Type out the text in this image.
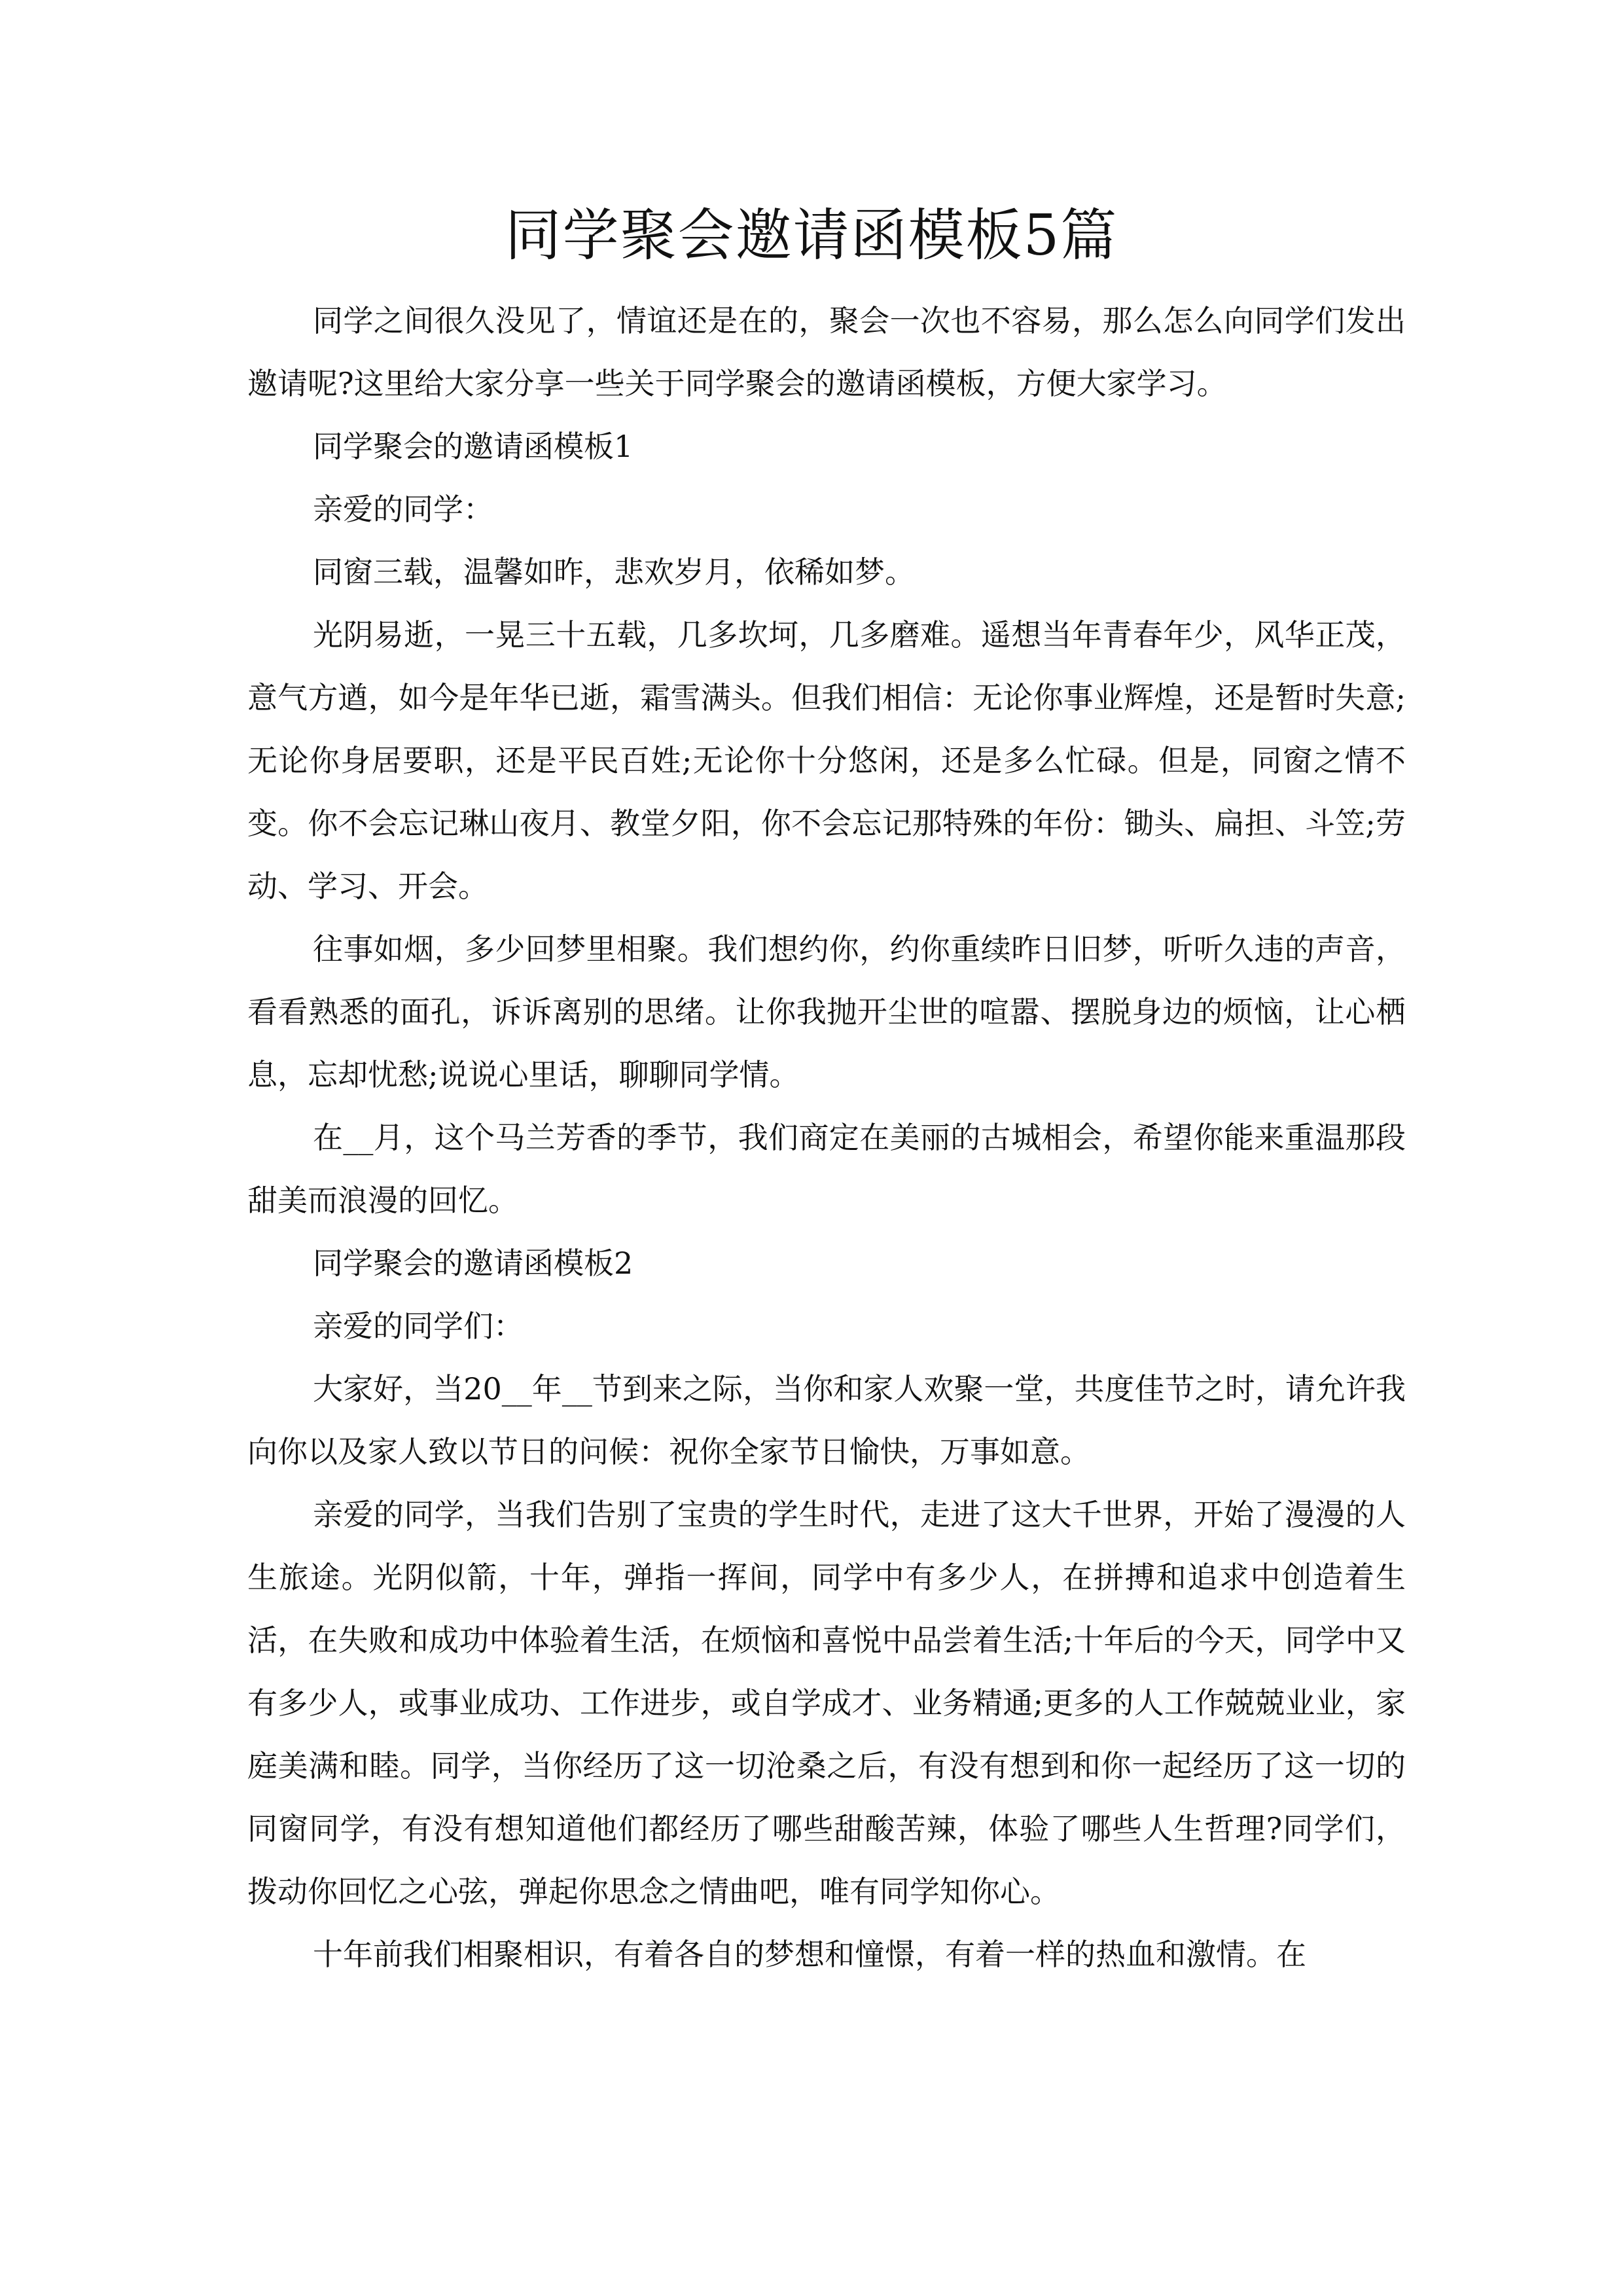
同学聚会邀请函模板5篇

同学之间很久没见了，情谊还是在的，聚会一次也不容易，那么怎么向同学们发出邀请呢?这里给大家分享一些关于同学聚会的邀请函模板，方便大家学习。

同学聚会的邀请函模板1

亲爱的同学：

同窗三载，温馨如昨，悲欢岁月，依稀如梦。

光阴易逝，一晃三十五载，几多坎坷，几多磨难。遥想当年青春年少，风华正茂，意气方遒，如今是年华已逝，霜雪满头。但我们相信：无论你事业辉煌，还是暂时失意;无论你身居要职，还是平民百姓;无论你十分悠闲，还是多么忙碌。但是，同窗之情不变。你不会忘记琳山夜月、教堂夕阳，你不会忘记那特殊的年份：锄头、扁担、斗笠;劳动、学习、开会。

往事如烟，多少回梦里相聚。我们想约你，约你重续昨日旧梦，听听久违的声音，看看熟悉的面孔，诉诉离别的思绪。让你我抛开尘世的喧嚣、摆脱身边的烦恼，让心栖息，忘却忧愁;说说心里话，聊聊同学情。

在__月，这个马兰芳香的季节，我们商定在美丽的古城相会，希望你能来重温那段甜美而浪漫的回忆。

同学聚会的邀请函模板2

亲爱的同学们：

大家好，当20__年__节到来之际，当你和家人欢聚一堂，共度佳节之时，请允许我向你以及家人致以节日的问候：祝你全家节日愉快，万事如意。

亲爱的同学，当我们告别了宝贵的学生时代，走进了这大千世界，开始了漫漫的人生旅途。光阴似箭，十年，弹指一挥间，同学中有多少人，在拼搏和追求中创造着生活，在失败和成功中体验着生活，在烦恼和喜悦中品尝着生活;十年后的今天，同学中又有多少人，或事业成功、工作进步，或自学成才、业务精通;更多的人工作兢兢业业，家庭美满和睦。同学，当你经历了这一切沧桑之后，有没有想到和你一起经历了这一切的同窗同学，有没有想知道他们都经历了哪些甜酸苦辣，体验了哪些人生哲理?同学们，拨动你回忆之心弦，弹起你思念之情曲吧，唯有同学知你心。

十年前我们相聚相识，有着各自的梦想和憧憬，有着一样的热血和激情。在
